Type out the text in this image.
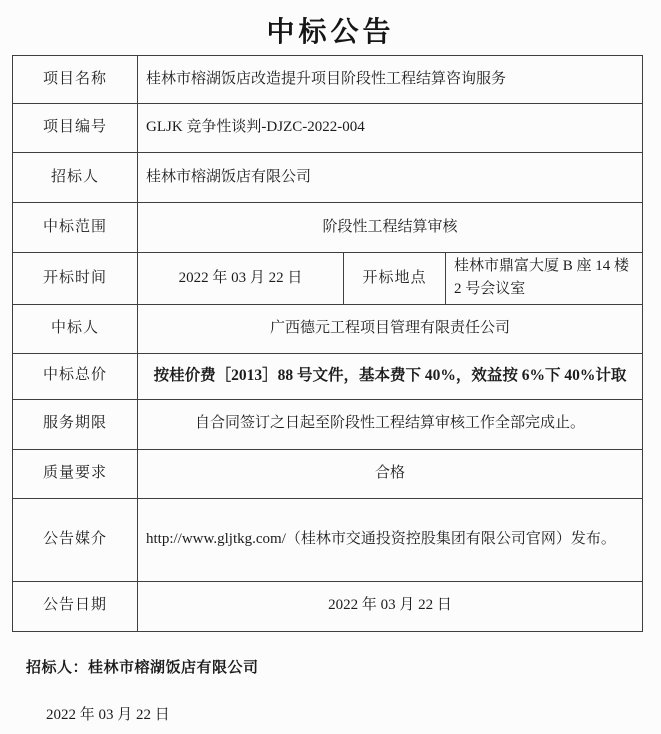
中标公告
项目名称	桂林市榕湖饭店改造提升项目阶段性工程结算咨询服务		
项目编号	GLJK 竞争性谈判-DJZC-2022-004		
招标人	桂林市榕湖饭店有限公司		
中标范围	阶段性工程结算审核		
开标时间	2022 年 03 月 22 日	开标地点	桂林市鼎富大厦 B 座 14 楼 2 号会议室
中标人	广西德元工程项目管理有限责任公司		
中标总价	按桂价费［2013］88 号文件，基本费下 40%，效益按 6%下 40%计取		
服务期限	自合同签订之日起至阶段性工程结算审核工作全部完成止。		
质量要求	合格		
公告媒介	http://www.gljtkg.com/（桂林市交通投资控股集团有限公司官网）发布。		
公告日期	2022 年 03 月 22 日		
招标人：桂林市榕湖饭店有限公司
2022 年 03 月 22 日
